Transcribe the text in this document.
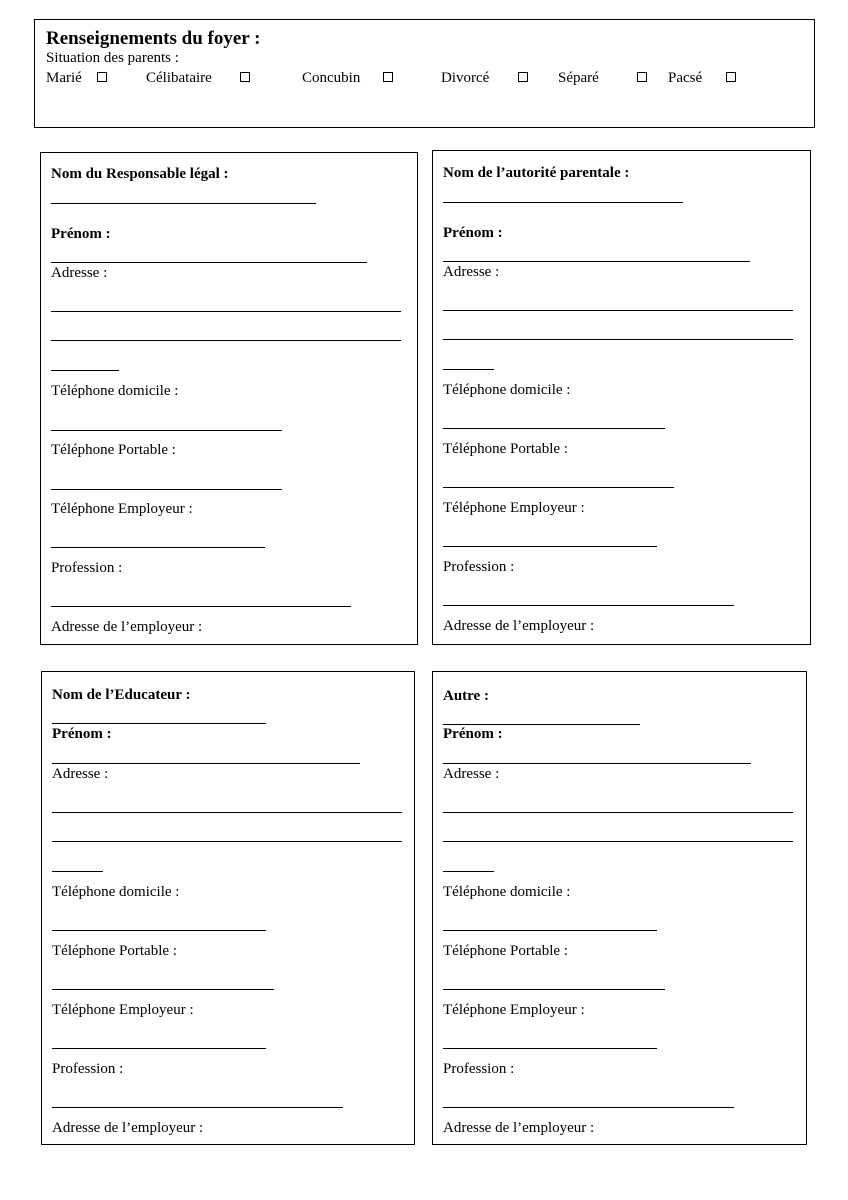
Renseignements du foyer :
Situation des parents :
Marié	Célibataire	Concubin	Divorcé	Séparé	Pacsé
Nom du Responsable légal :
Prénom :
Adresse :
Téléphone domicile :
Téléphone Portable :
Téléphone Employeur :
Profession :
Adresse de l’employeur :
Nom de l’autorité parentale :
Prénom :
Adresse :
Téléphone domicile :
Téléphone Portable :
Téléphone Employeur :
Profession :
Adresse de l’employeur :
Nom de l’Educateur :
Prénom :
Adresse :
Téléphone domicile :
Téléphone Portable :
Téléphone Employeur :
Profession :
Adresse de l’employeur :
Autre :
Prénom :
Adresse :
Téléphone domicile :
Téléphone Portable :
Téléphone Employeur :
Profession :
Adresse de l’employeur :
